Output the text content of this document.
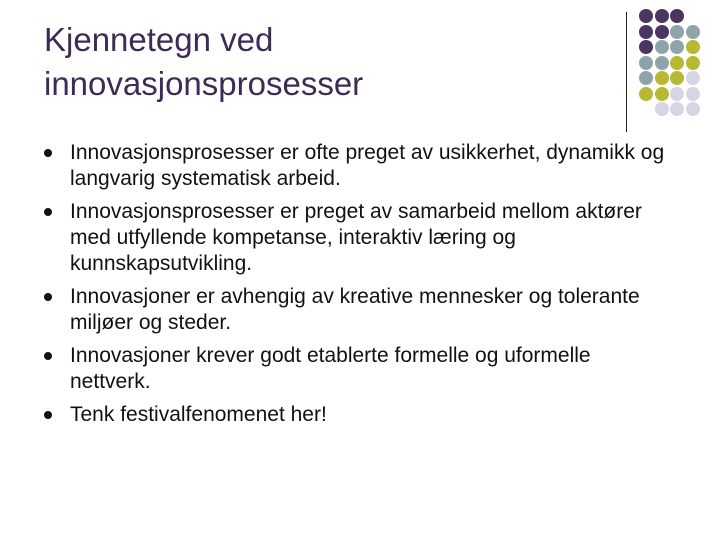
Kjennetegn ved
innovasjonsprosesser
Innovasjonsprosesser er ofte preget av usikkerhet, dynamikk og langvarig systematisk arbeid.
Innovasjonsprosesser er preget av samarbeid mellom aktører med utfyllende kompetanse, interaktiv læring og kunnskapsutvikling.
Innovasjoner er avhengig av kreative mennesker og tolerante miljøer og steder.
Innovasjoner krever godt etablerte formelle og uformelle nettverk.
Tenk festivalfenomenet her!
